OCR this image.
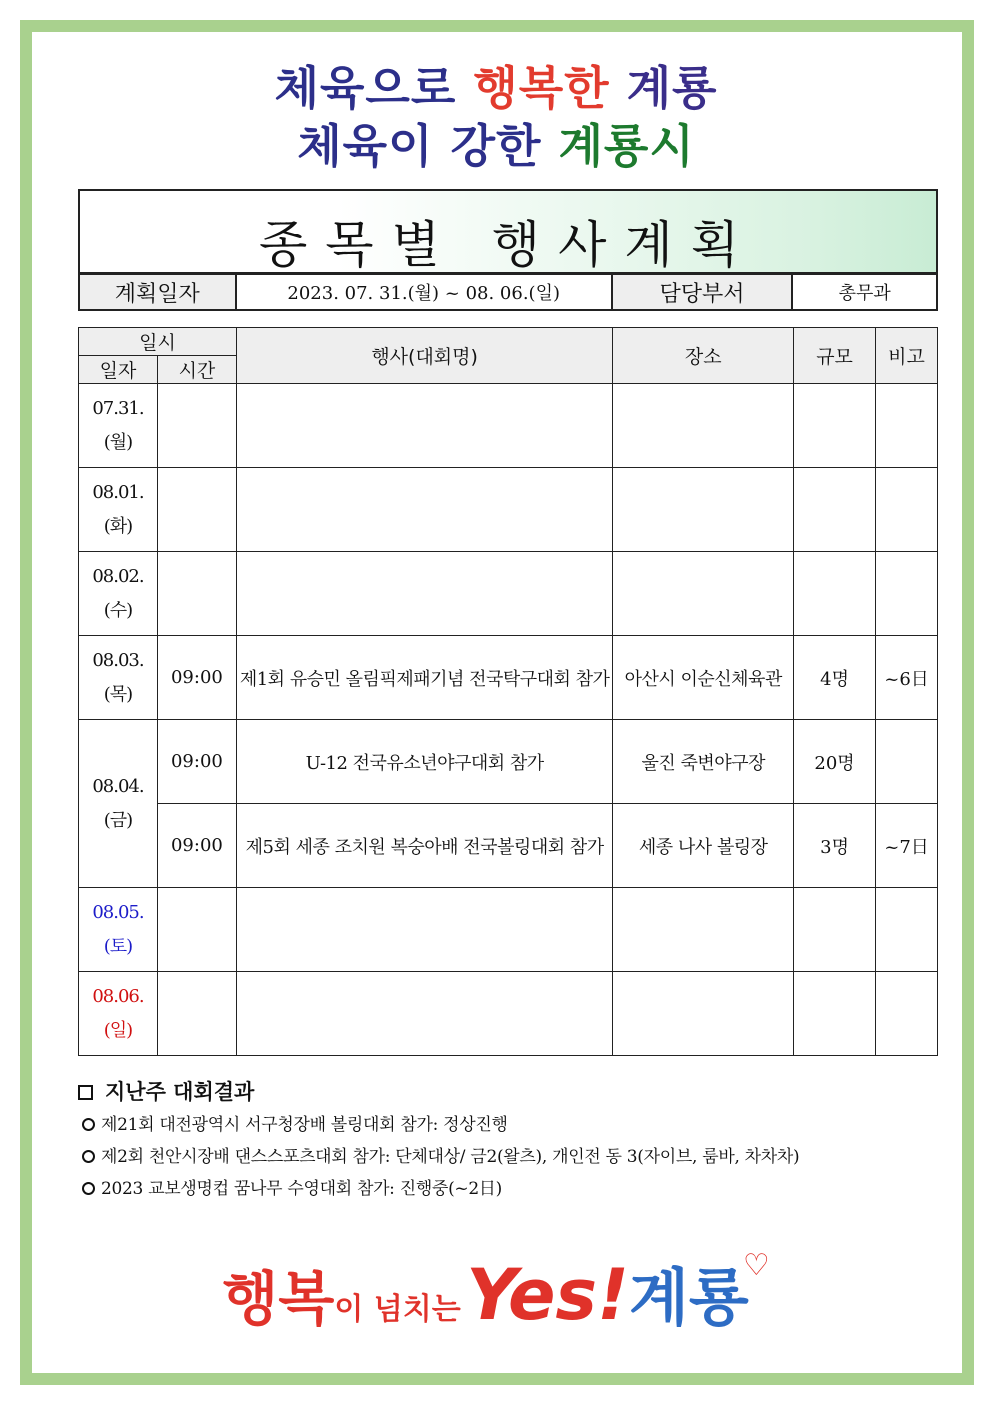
체육으로 행복한 계룡
체육이 강한 계룡시
종목별 행사계획
계획일자	2023. 07. 31.(월) ~ 08. 06.(일)	담당부서	총무과
일시		행사(대회명)	장소	규모	비고
일자	시간				
07.31.
(월)					
08.01.
(화)					
08.02.
(수)					
08.03.
(목)	09:00	제1회 유승민 올림픽제패기념 전국탁구대회 참가	아산시 이순신체육관	4명	~6日
08.04.
(금)	09:00	U-12 전국유소년야구대회 참가	울진 죽변야구장	20명	
	09:00	제5회 세종 조치원 복숭아배 전국볼링대회 참가	세종 나사 볼링장	3명	~7日
08.05.
(토)					
08.06.
(일)					
지난주 대회결과
제21회 대전광역시 서구청장배 볼링대회 참가: 정상진행
제2회 천안시장배 댄스스포츠대회 참가: 단체대상/ 금2(왈츠), 개인전 동 3(자이브, 룸바, 차차차)
2023 교보생명컵 꿈나무 수영대회 참가: 진행중(~2日)
행복이 넘치는 Yes!계룡♡
